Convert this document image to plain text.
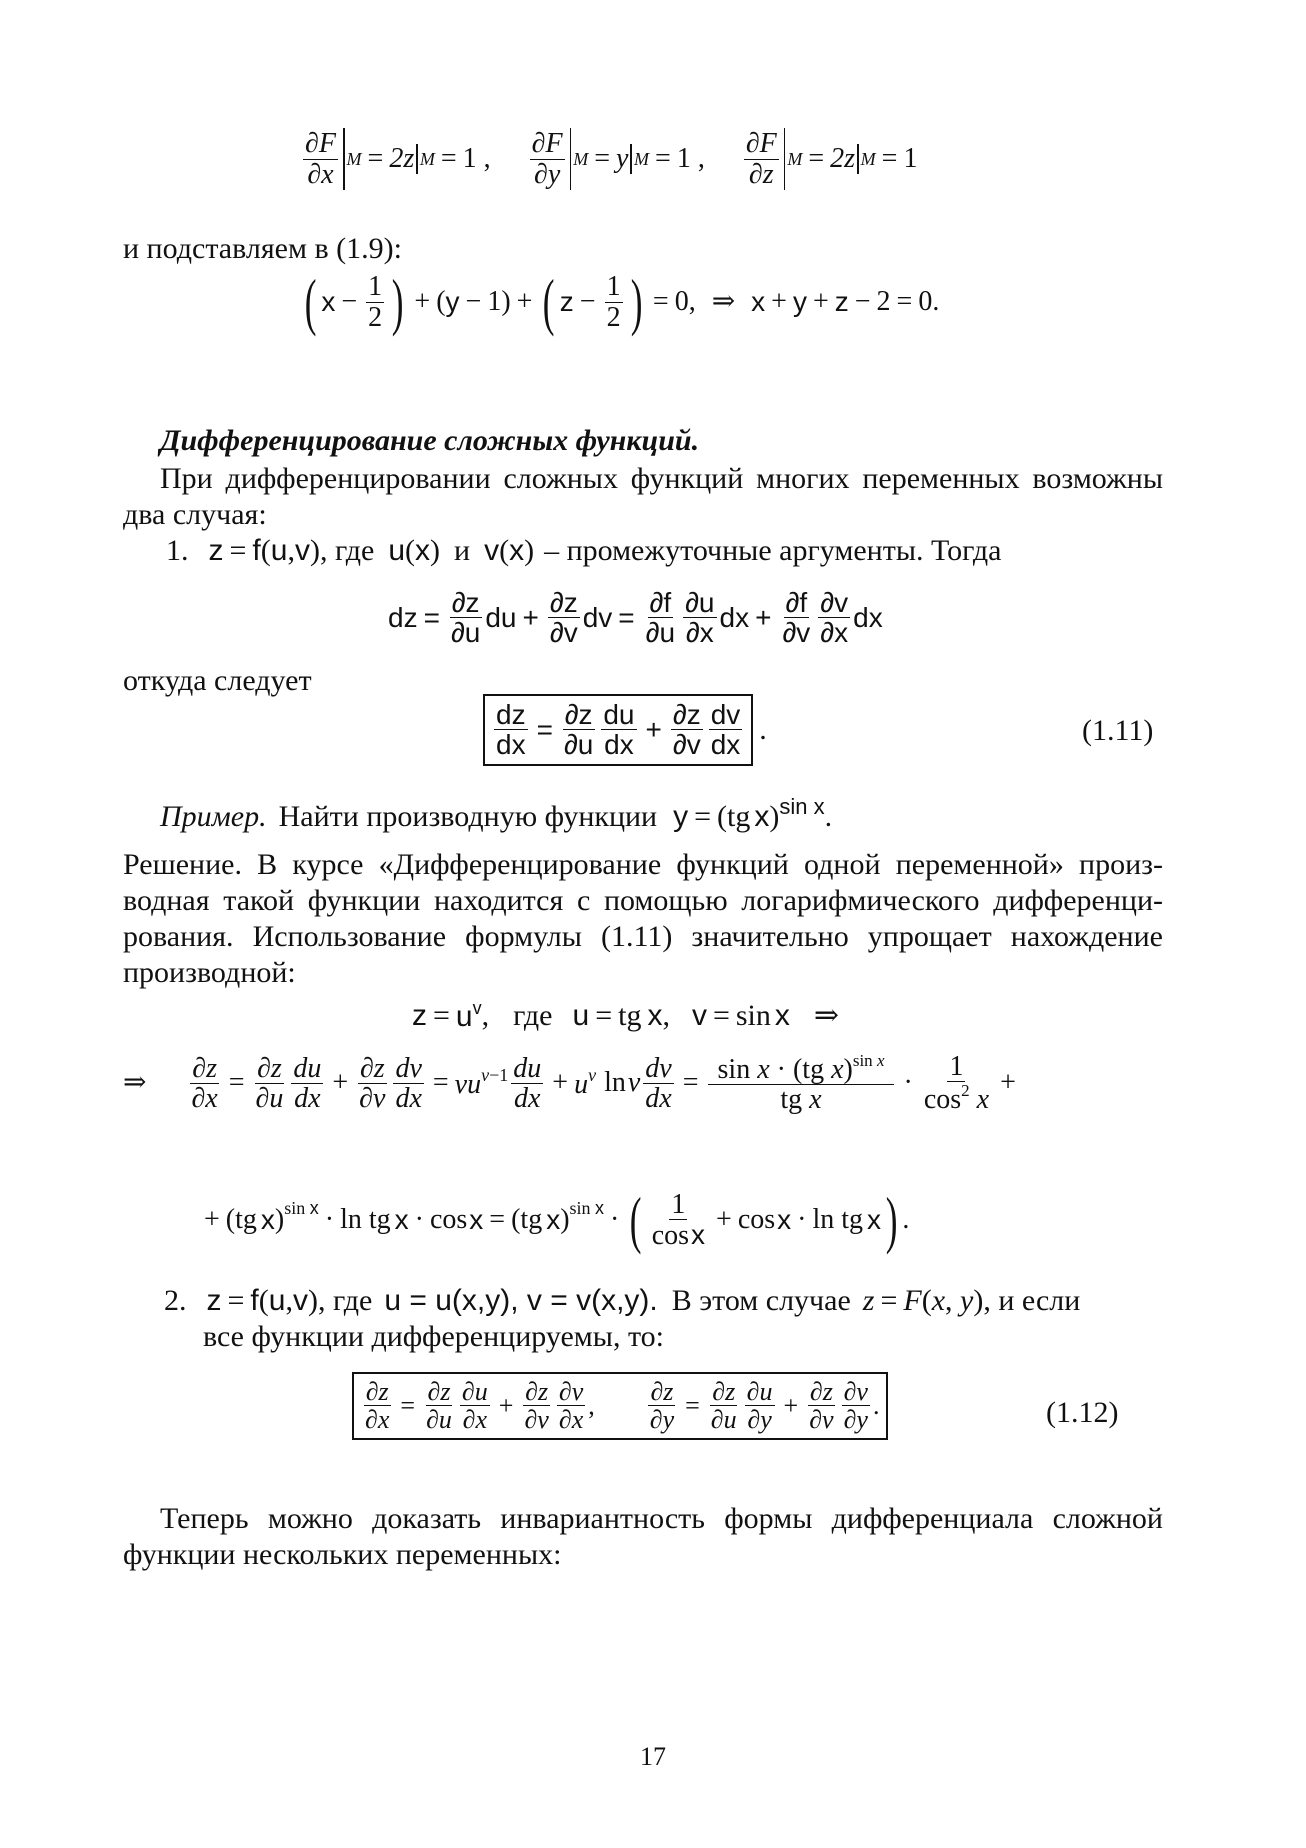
$\frac{\partial F}{\partial x}$ M = 2z M = 1 , $\frac{\partial F}{\partial y}$ M = y M = 1 , $\frac{\partial F}{\partial z}$ M = 2z M = 1
и подставляем в (1.9):
( $x - \frac{1}{2}$ ) + ( y − 1) + ( $z - \frac{1}{2}$ ) = 0, ⇒ x + y + z − 2 = 0.
Дифференцирование сложных функций.
При дифференцировании сложных функций многих переменных возможны
два случая:
1. z = f ( u , v ) , где u ( x ) и v ( x ) – промежуточные аргументы. Тогда
dz = $\frac{\partial z}{\partial u}$ du + $\frac{\partial z}{\partial v}$ dv = $\frac{\partial f}{\partial u} \frac{\partial u}{\partial x}$ dx + $\frac{\partial f}{\partial v} \frac{\partial v}{\partial x}$ dx
откуда следует
$\frac{dz}{dx} = \frac{\partial z}{\partial u} \frac{du}{dx} + \frac{\partial z}{\partial v} \frac{dv}{dx}$ .	(1.11)
Пример. Найти производную функции y = (tg x ) sin x .
Решение. В курсе «Дифференцирование функций одной переменной» произ-
водная такой функции находится с помощью логарифмического дифференци-
рования. Использование формулы (1.11) значительно упрощает нахождение
производной:
$z = u^v$ , где u = tg x , v = sin x ⇒
⇒ $\frac{\partial z}{\partial x} = \frac{\partial z}{\partial u} \frac{du}{dx} + \frac{\partial z}{\partial v} \frac{dv}{dx} = vu^{v-1} \frac{du}{dx} + u^v$ ln v $\frac{dv}{dx} = \frac{\sin x \cdot (tg x)^{sin x}}{\text{tg x}} \cdot \frac{1}{\cos^2 x}$ +
+ (tg x ) sin x · ln tg x · cos x = (tg x ) sin x · ( $\frac{1}{\cos x} + \cos x \cdot \ln$ tg x ) .
2. z = f ( u , v ) , где u = u(x,y), v = v(x,y). В этом случае z = F ( x , y ) , и если
все функции дифференцируемы, то:
$\frac{\partial z}{\partial x} = \frac{\partial z}{\partial u} \frac{\partial u}{\partial x} + \frac{\partial z}{\partial v} \frac{\partial v}{\partial x}$ , $\frac{\partial z}{\partial y} = \frac{\partial z}{\partial u} \frac{\partial u}{\partial y} + \frac{\partial z}{\partial v} \frac{\partial v}{\partial y}$ .	(1.12)
Теперь можно доказать инвариантность формы дифференциала сложной
функции нескольких переменных:
17
